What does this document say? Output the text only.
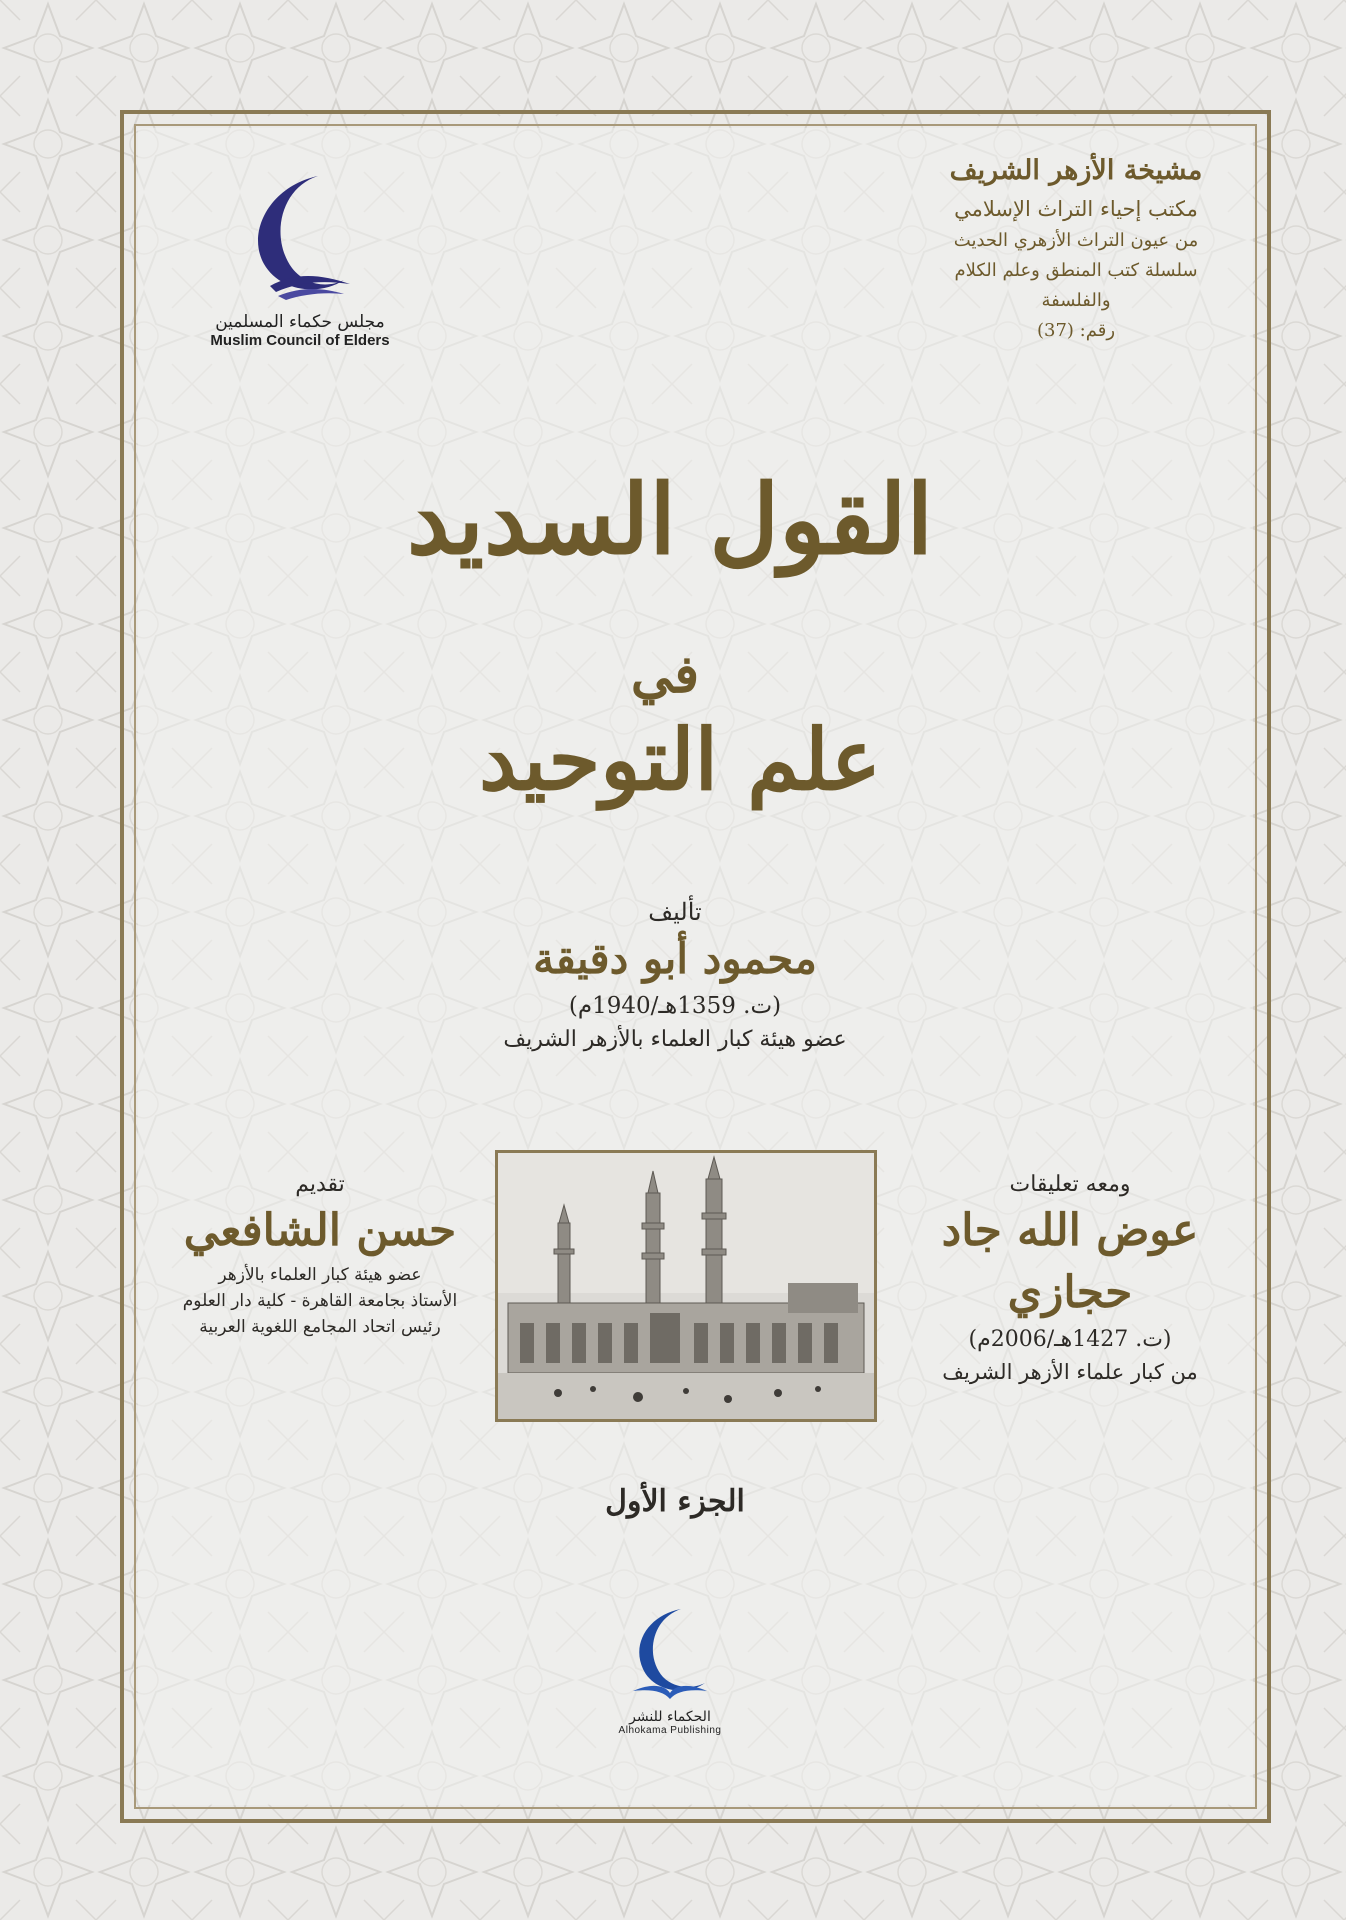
مجلس حكماء المسلمين
Muslim Council of Elders
مشيخة الأزهر الشريف
مكتب إحياء التراث الإسلامي
من عيون التراث الأزهري الحديث
سلسلة كتب المنطق وعلم الكلام والفلسفة
رقم: (37)
القول السديد
في
علم التوحيد
تأليف
محمود أبو دقيقة
(ت. 1359هـ/1940م)
عضو هيئة كبار العلماء بالأزهر الشريف
تقديم
حسن الشافعي
عضو هيئة كبار العلماء بالأزهر
الأستاذ بجامعة القاهرة - كلية دار العلوم
رئيس اتحاد المجامع اللغوية العربية
ومعه تعليقات
عوض الله جاد حجازي
(ت. 1427هـ/2006م)
من كبار علماء الأزهر الشريف
الجزء الأول
الحكماء للنشر
Alhokama Publishing
